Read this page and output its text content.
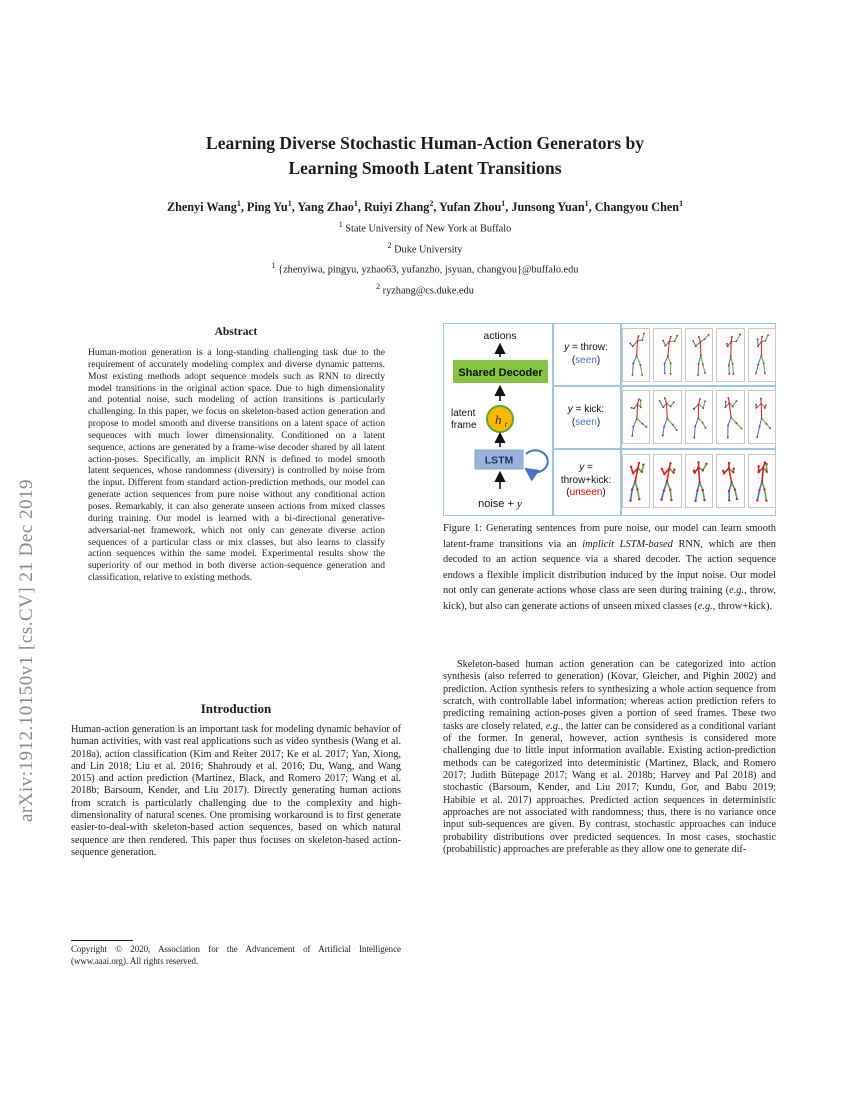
arXiv:1912.10150v1 [cs.CV] 21 Dec 2019
Learning Diverse Stochastic Human-Action Generators by
Learning Smooth Latent Transitions
Zhenyi Wang$^1$, Ping Yu$^1$, Yang Zhao$^1$, Ruiyi Zhang$^2$, Yufan Zhou$^1$, Junsong Yuan$^1$, Changyou Chen$^1$
$^1$ State University of New York at Buffalo
$^2$ Duke University
$^1$ {zhenyiwa, pingyu, yzhao63, yufanzho, jsyuan, changyou}@buffalo.edu
$^2$ ryzhang@cs.duke.edu
Abstract
Human-motion generation is a long-standing challenging task due to the requirement of accurately modeling complex and diverse dynamic patterns. Most existing methods adopt sequence models such as RNN to directly model transitions in the original action space. Due to high dimensionality and potential noise, such modeling of action transitions is particularly challenging. In this paper, we focus on skeleton-based action generation and propose to model smooth and diverse transitions on a latent space of action sequences with much lower dimensionality. Conditioned on a latent sequence, actions are generated by a frame-wise decoder shared by all latent action-poses. Specifically, an implicit RNN is defined to model smooth latent sequences, whose randomness (diversity) is controlled by noise from the input. Different from standard action-prediction methods, our model can generate action sequences from pure noise without any conditional action poses. Remarkably, it can also generate unseen actions from mixed classes during training. Our model is learned with a bi-directional generative-adversarial-net framework, which not only can generate diverse action sequences of a particular class or mix classes, but also learns to classify action sequences within the same model. Experimental results show the superiority of our method in both diverse action-sequence generation and classification, relative to existing methods.
Introduction
Human-action generation is an important task for modeling dynamic behavior of human activities, with vast real applications such as video synthesis (Wang et al. 2018a), action classification (Kim and Reiter 2017; Ke et al. 2017; Yan, Xiong, and Lin 2018; Liu et al. 2016; Shahroudy et al. 2016; Du, Wang, and Wang 2015) and action prediction (Martinez, Black, and Romero 2017; Wang et al. 2018b; Barsoum, Kender, and Liu 2017). Directly generating human actions from scratch is particularly challenging due to the complexity and high-dimensionality of natural scenes. One promising workaround is to first generate easier-to-deal-with skeleton-based action sequences, based on which natural sequence are then rendered. This paper thus focuses on skeleton-based action-sequence generation.
Copyright © 2020, Association for the Advancement of Artificial Intelligence (www.aaai.org). All rights reserved.
actions
Shared Decoder
latent frame h $_t$
LSTM
noise + y
y = throw:
(seen)
y = kick:
(seen)
y =
throw+kick:
(unseen)
Figure 1: Generating sentences from pure noise, our model can learn smooth latent-frame transitions via an implicit LSTM-based RNN, which are then decoded to an action sequence via a shared decoder. The action sequence endows a flexible implicit distribution induced by the input noise. Our model not only can generate actions whose class are seen during training (e.g., throw, kick), but also can generate actions of unseen mixed classes (e.g., throw+kick).
Skeleton-based human action generation can be categorized into action synthesis (also referred to generation) (Kovar, Gleicher, and Pighin 2002) and prediction. Action synthesis refers to synthesizing a whole action sequence from scratch, with controllable label information; whereas action prediction refers to predicting remaining action-poses given a portion of seed frames. These two tasks are closely related, e.g., the latter can be considered as a conditional variant of the former. In general, however, action synthesis is considered more challenging due to little input information available. Existing action-prediction methods can be categorized into deterministic (Martinez, Black, and Romero 2017; Judith Bütepage 2017; Wang et al. 2018b; Harvey and Pal 2018) and stochastic (Barsoum, Kender, and Liu 2017; Kundu, Gor, and Babu 2019; Habibie et al. 2017) approaches. Predicted action sequences in deterministic approaches are not associated with randomness; thus, there is no variance once input sub-sequences are given. By contrast, stochastic approaches can induce probability distributions over predicted sequences. In most cases, stochastic (probabilistic) approaches are preferable as they allow one to generate dif-
